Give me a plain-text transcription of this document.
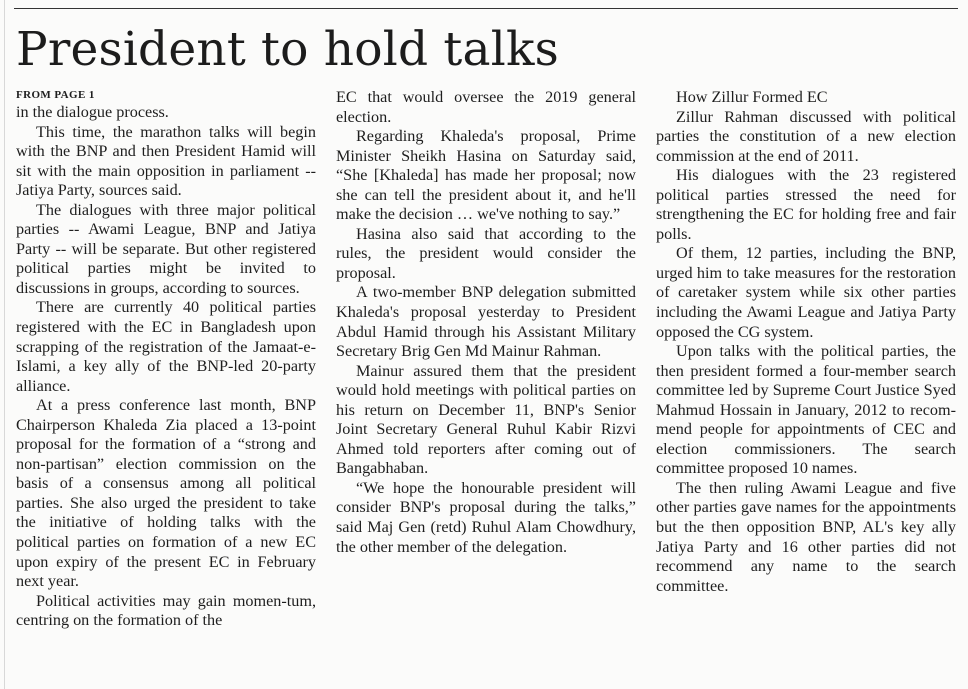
President to hold talks
FROM PAGE 1

in the dialogue process.

This time, the marathon talks will begin with the BNP and then President Hamid will sit with the main opposition in parliament -- Jatiya Party, sources said.

The dialogues with three major political parties -- Awami League, BNP and Jatiya Party -- will be separate. But other registered political parties might be invited to discussions in groups, according to sources.

There are currently 40 political parties registered with the EC in Bangladesh upon scrapping of the registration of the Jamaat-e-Islami, a key ally of the BNP-led 20-party alliance.

At a press conference last month, BNP Chairperson Khaleda Zia placed a 13-point proposal for the formation of a “strong and non-partisan” election commission on the basis of a consensus among all political parties. She also urged the president to take the initiative of holding talks with the political parties on formation of a new EC upon expiry of the present EC in February next year.

Political activities may gain momen-tum, centring on the formation of the

EC that would oversee the 2019 general election.

Regarding Khaleda's proposal, Prime Minister Sheikh Hasina on Saturday said, “She [Khaleda] has made her proposal; now she can tell the president about it, and he'll make the decision … we've nothing to say.”

Hasina also said that according to the rules, the president would consider the proposal.

A two-member BNP delegation submitted Khaleda's proposal yesterday to President Abdul Hamid through his Assistant Military Secretary Brig Gen Md Mainur Rahman.

Mainur assured them that the president would hold meetings with political parties on his return on December 11, BNP's Senior Joint Secretary General Ruhul Kabir Rizvi Ahmed told reporters after coming out of Bangabhaban.

“We hope the honourable president will consider BNP's proposal during the talks,” said Maj Gen (retd) Ruhul Alam Chowdhury, the other member of the delegation.

How Zillur Formed EC

Zillur Rahman discussed with political parties the constitution of a new election commission at the end of 2011.

His dialogues with the 23 registered political parties stressed the need for strengthening the EC for holding free and fair polls.

Of them, 12 parties, including the BNP, urged him to take measures for the restoration of caretaker system while six other parties including the Awami League and Jatiya Party opposed the CG system.

Upon talks with the political parties, the then president formed a four-member search committee led by Supreme Court Justice Syed Mahmud Hossain in January, 2012 to recom-mend people for appointments of CEC and election commissioners. The search committee proposed 10 names.

The then ruling Awami League and five other parties gave names for the appointments but the then opposition BNP, AL's key ally Jatiya Party and 16 other parties did not recommend any name to the search committee.
